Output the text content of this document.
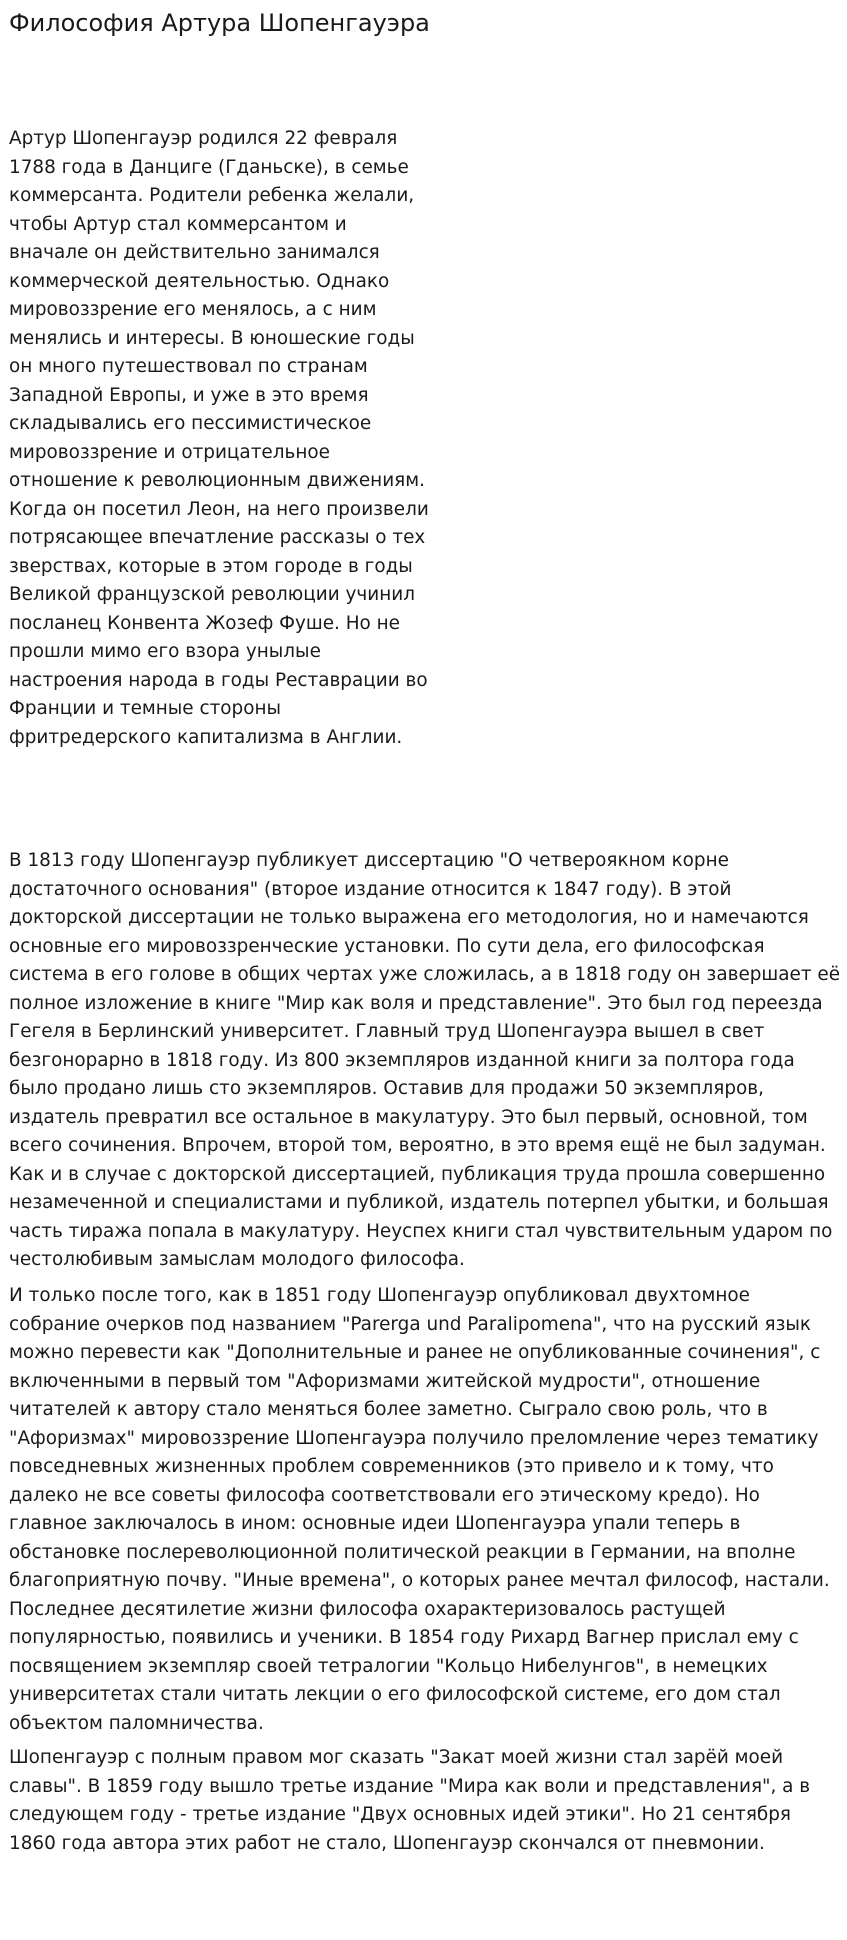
Философия Артура Шопенгауэра

Артур Шопенгауэр родился 22 февраля 1788 года в Данциге (Гданьске), в семье коммерсанта. Родители ребенка желали, чтобы Артур стал коммерсантом и вначале он действительно занимался коммерческой деятельностью. Однако мировоззрение его менялось, а с ним менялись и интересы. В юношеские годы он много путешествовал по странам Западной Европы, и уже в это время складывались его пессимистическое мировоззрение и отрицательное отношение к революционным движениям. Когда он посетил Леон, на него произвели потрясающее впечатление рассказы о тех зверствах, которые в этом городе в годы Великой французской революции учинил посланец Конвента Жозеф Фуше. Но не прошли мимо его взора унылые настроения народа в годы Реставрации во Франции и темные стороны фритредерского капитализма в Англии.

В 1813 году Шопенгауэр публикует диссертацию "О четвероякном корне достаточного основания" (второе издание относится к 1847 году). В этой докторской диссертации не только выражена его методология, но и намечаются основные его мировоззренческие установки. По сути дела, его философская система в его голове в общих чертах уже сложилась, а в 1818 году он завершает её полное изложение в книге "Мир как воля и представление". Это был год переезда Гегеля в Берлинский университет. Главный труд Шопенгауэра вышел в свет безгонорарно в 1818 году. Из 800 экземпляров изданной книги за полтора года было продано лишь сто экземпляров. Оставив для продажи 50 экземпляров, издатель превратил все остальное в макулатуру. Это был первый, основной, том всего сочинения. Впрочем, второй том, вероятно, в это время ещё не был задуман. Как и в случае с докторской диссертацией, публикация труда прошла совершенно незамеченной и специалистами и публикой, издатель потерпел убытки, и большая часть тиража попала в макулатуру. Неуспех книги стал чувствительным ударом по честолюбивым замыслам молодого философа.

И только после того, как в 1851 году Шопенгауэр опубликовал двухтомное собрание очерков под названием "Parerga und Paralipomena", что на русский язык можно перевести как "Дополнительные и ранее не опубликованные сочинения", с включенными в первый том "Афоризмами житейской мудрости", отношение читателей к автору стало меняться более заметно. Сыграло свою роль, что в "Афоризмах" мировоззрение Шопенгауэра получило преломление через тематику повседневных жизненных проблем современников (это привело и к тому, что далеко не все советы философа соответствовали его этическому кредо). Но главное заключалось в ином: основные идеи Шопенгауэра упали теперь в обстановке послереволюционной политической реакции в Германии, на вполне благоприятную почву. "Иные времена", о которых ранее мечтал философ, настали. Последнее десятилетие жизни философа охарактеризовалось растущей популярностью, появились и ученики. В 1854 году Рихард Вагнер прислал ему с посвящением экземпляр своей тетралогии "Кольцо Нибелунгов", в немецких университетах стали читать лекции о его философской системе, его дом стал объектом паломничества.

Шопенгауэр с полным правом мог сказать "Закат моей жизни стал зарёй моей славы". В 1859 году вышло третье издание "Мира как воли и представления", а в следующем году - третье издание "Двух основных идей этики". Но 21 сентября 1860 года автора этих работ не стало, Шопенгауэр скончался от пневмонии.
